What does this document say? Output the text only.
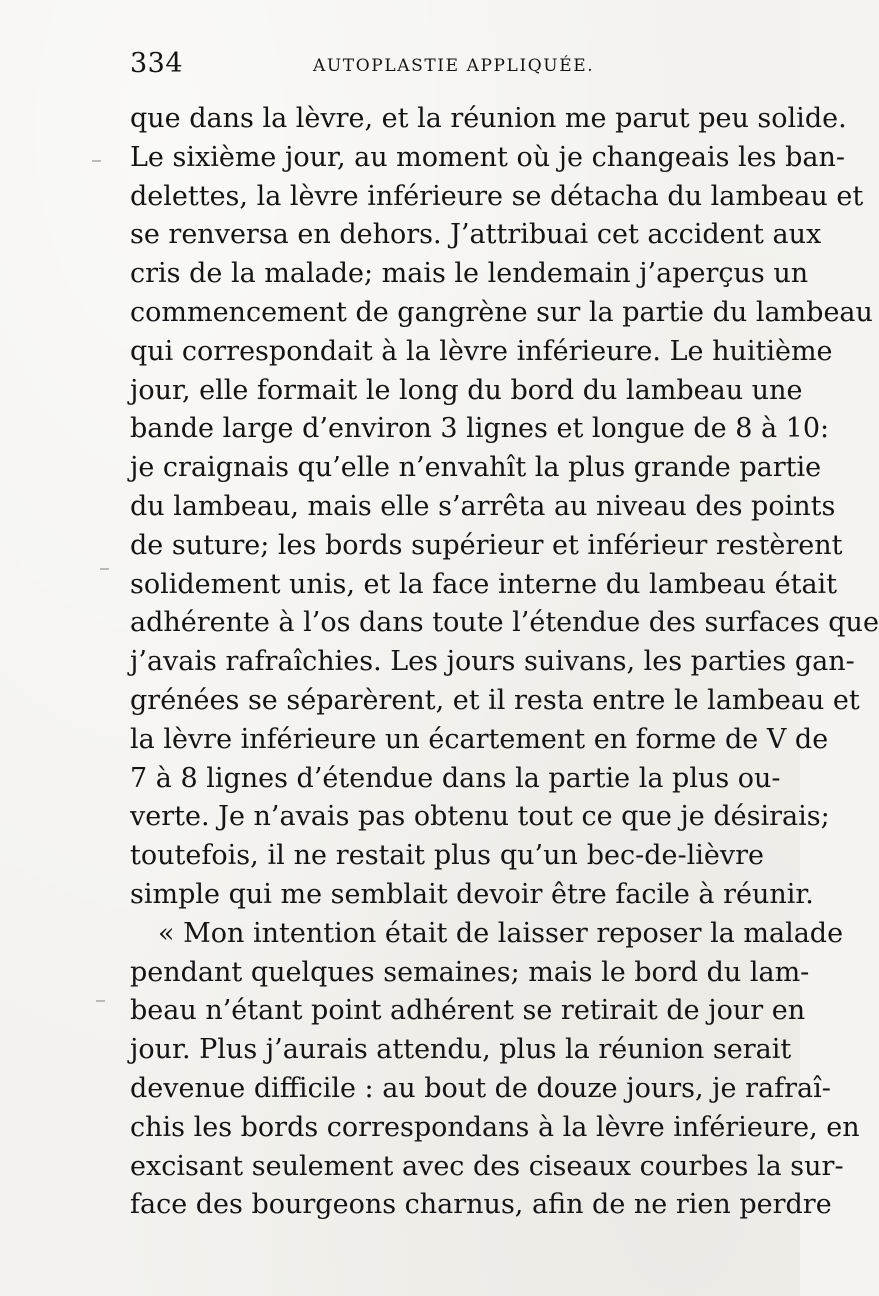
334	AUTOPLASTIE APPLIQUÉE.
que dans la lèvre, et la réunion me parut peu solide.
Le sixième jour, au moment où je changeais les ban-
delettes, la lèvre inférieure se détacha du lambeau et
se renversa en dehors. J’attribuai cet accident aux
cris de la malade; mais le lendemain j’aperçus un
commencement de gangrène sur la partie du lambeau
qui correspondait à la lèvre inférieure. Le huitième
jour, elle formait le long du bord du lambeau une
bande large d’environ 3 lignes et longue de 8 à 10:
je craignais qu’elle n’envahît la plus grande partie
du lambeau, mais elle s’arrêta au niveau des points
de suture; les bords supérieur et inférieur restèrent
solidement unis, et la face interne du lambeau était
adhérente à l’os dans toute l’étendue des surfaces que
j’avais rafraîchies. Les jours suivans, les parties gan-
grénées se séparèrent, et il resta entre le lambeau et
la lèvre inférieure un écartement en forme de V de
7 à 8 lignes d’étendue dans la partie la plus ou-
verte. Je n’avais pas obtenu tout ce que je désirais;
toutefois, il ne restait plus qu’un bec-de-lièvre
simple qui me semblait devoir être facile à réunir.
« Mon intention était de laisser reposer la malade
pendant quelques semaines; mais le bord du lam-
beau n’étant point adhérent se retirait de jour en
jour. Plus j’aurais attendu, plus la réunion serait
devenue difficile : au bout de douze jours, je rafraî-
chis les bords correspondans à la lèvre inférieure, en
excisant seulement avec des ciseaux courbes la sur-
face des bourgeons charnus, afin de ne rien perdre
